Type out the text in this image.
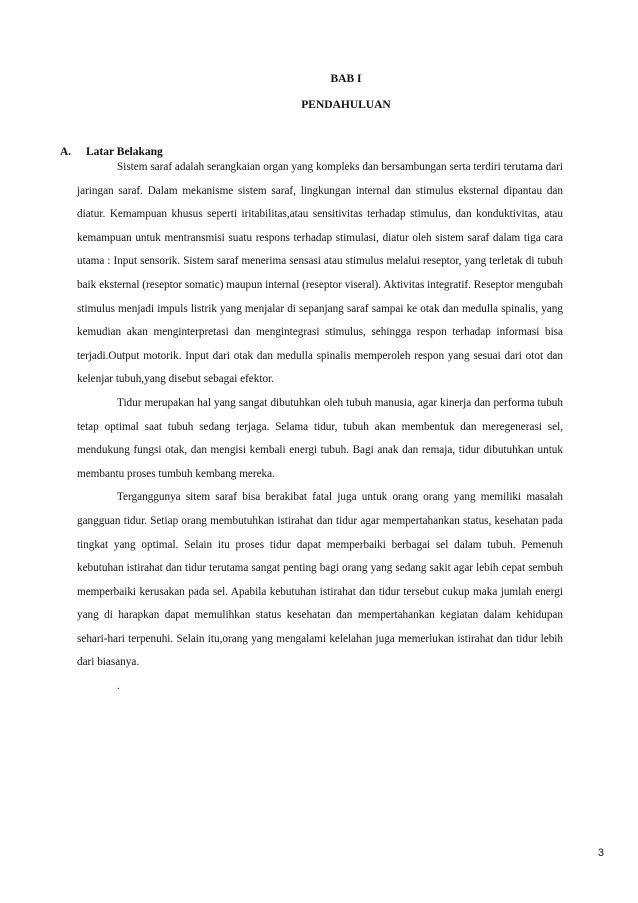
BAB I
PENDAHULUAN
A. Latar Belakang

Sistem saraf adalah serangkaian organ yang kompleks dan bersambungan serta terdiri terutama dari jaringan saraf. Dalam mekanisme sistem saraf, lingkungan internal dan stimulus eksternal dipantau dan diatur. Kemampuan khusus seperti iritabilitas,atau sensitivitas terhadap stimulus, dan konduktivitas, atau kemampuan untuk mentransmisi suatu respons terhadap stimulasi, diatur oleh sistem saraf dalam tiga cara utama : Input sensorik. Sistem saraf menerima sensasi atau stimulus melalui reseptor, yang terletak di tubuh baik eksternal (reseptor somatic) maupun internal (reseptor viseral). Aktivitas integratif. Reseptor mengubah stimulus menjadi impuls listrik yang menjalar di sepanjang saraf sampai ke otak dan medulla spinalis, yang kemudian akan menginterpretasi dan mengintegrasi stimulus, sehingga respon terhadap informasi bisa terjadi.Output motorik. Input dari otak dan medulla spinalis memperoleh respon yang sesuai dari otot dan kelenjar tubuh,yang disebut sebagai efektor.

Tidur merupakan hal yang sangat dibutuhkan oleh tubuh manusia, agar kinerja dan performa tubuh tetap optimal saat tubuh sedang terjaga. Selama tidur, tubuh akan membentuk dan meregenerasi sel, mendukung fungsi otak, dan mengisi kembali energi tubuh. Bagi anak dan remaja, tidur dibutuhkan untuk membantu proses tumbuh kembang mereka.

Terganggunya sitem saraf bisa berakibat fatal juga untuk orang orang yang memiliki masalah gangguan tidur. Setiap orang membutuhkan istirahat dan tidur agar mempertahankan status, kesehatan pada tingkat yang optimal. Selain itu proses tidur dapat memperbaiki berbagai sel dalam tubuh. Pemenuh kebutuhan istirahat dan tidur terutama sangat penting bagi orang yang sedang sakit agar lebih cepat sembuh memperbaiki kerusakan pada sel. Apabila kebutuhan istirahat dan tidur tersebut cukup maka jumlah energi yang di harapkan dapat memulihkan status kesehatan dan mempertahankan kegiatan dalam kehidupan sehari-hari terpenuhi. Selain itu,orang yang mengalami kelelahan juga memerlukan istirahat dan tidur lebih dari biasanya.

.
3
